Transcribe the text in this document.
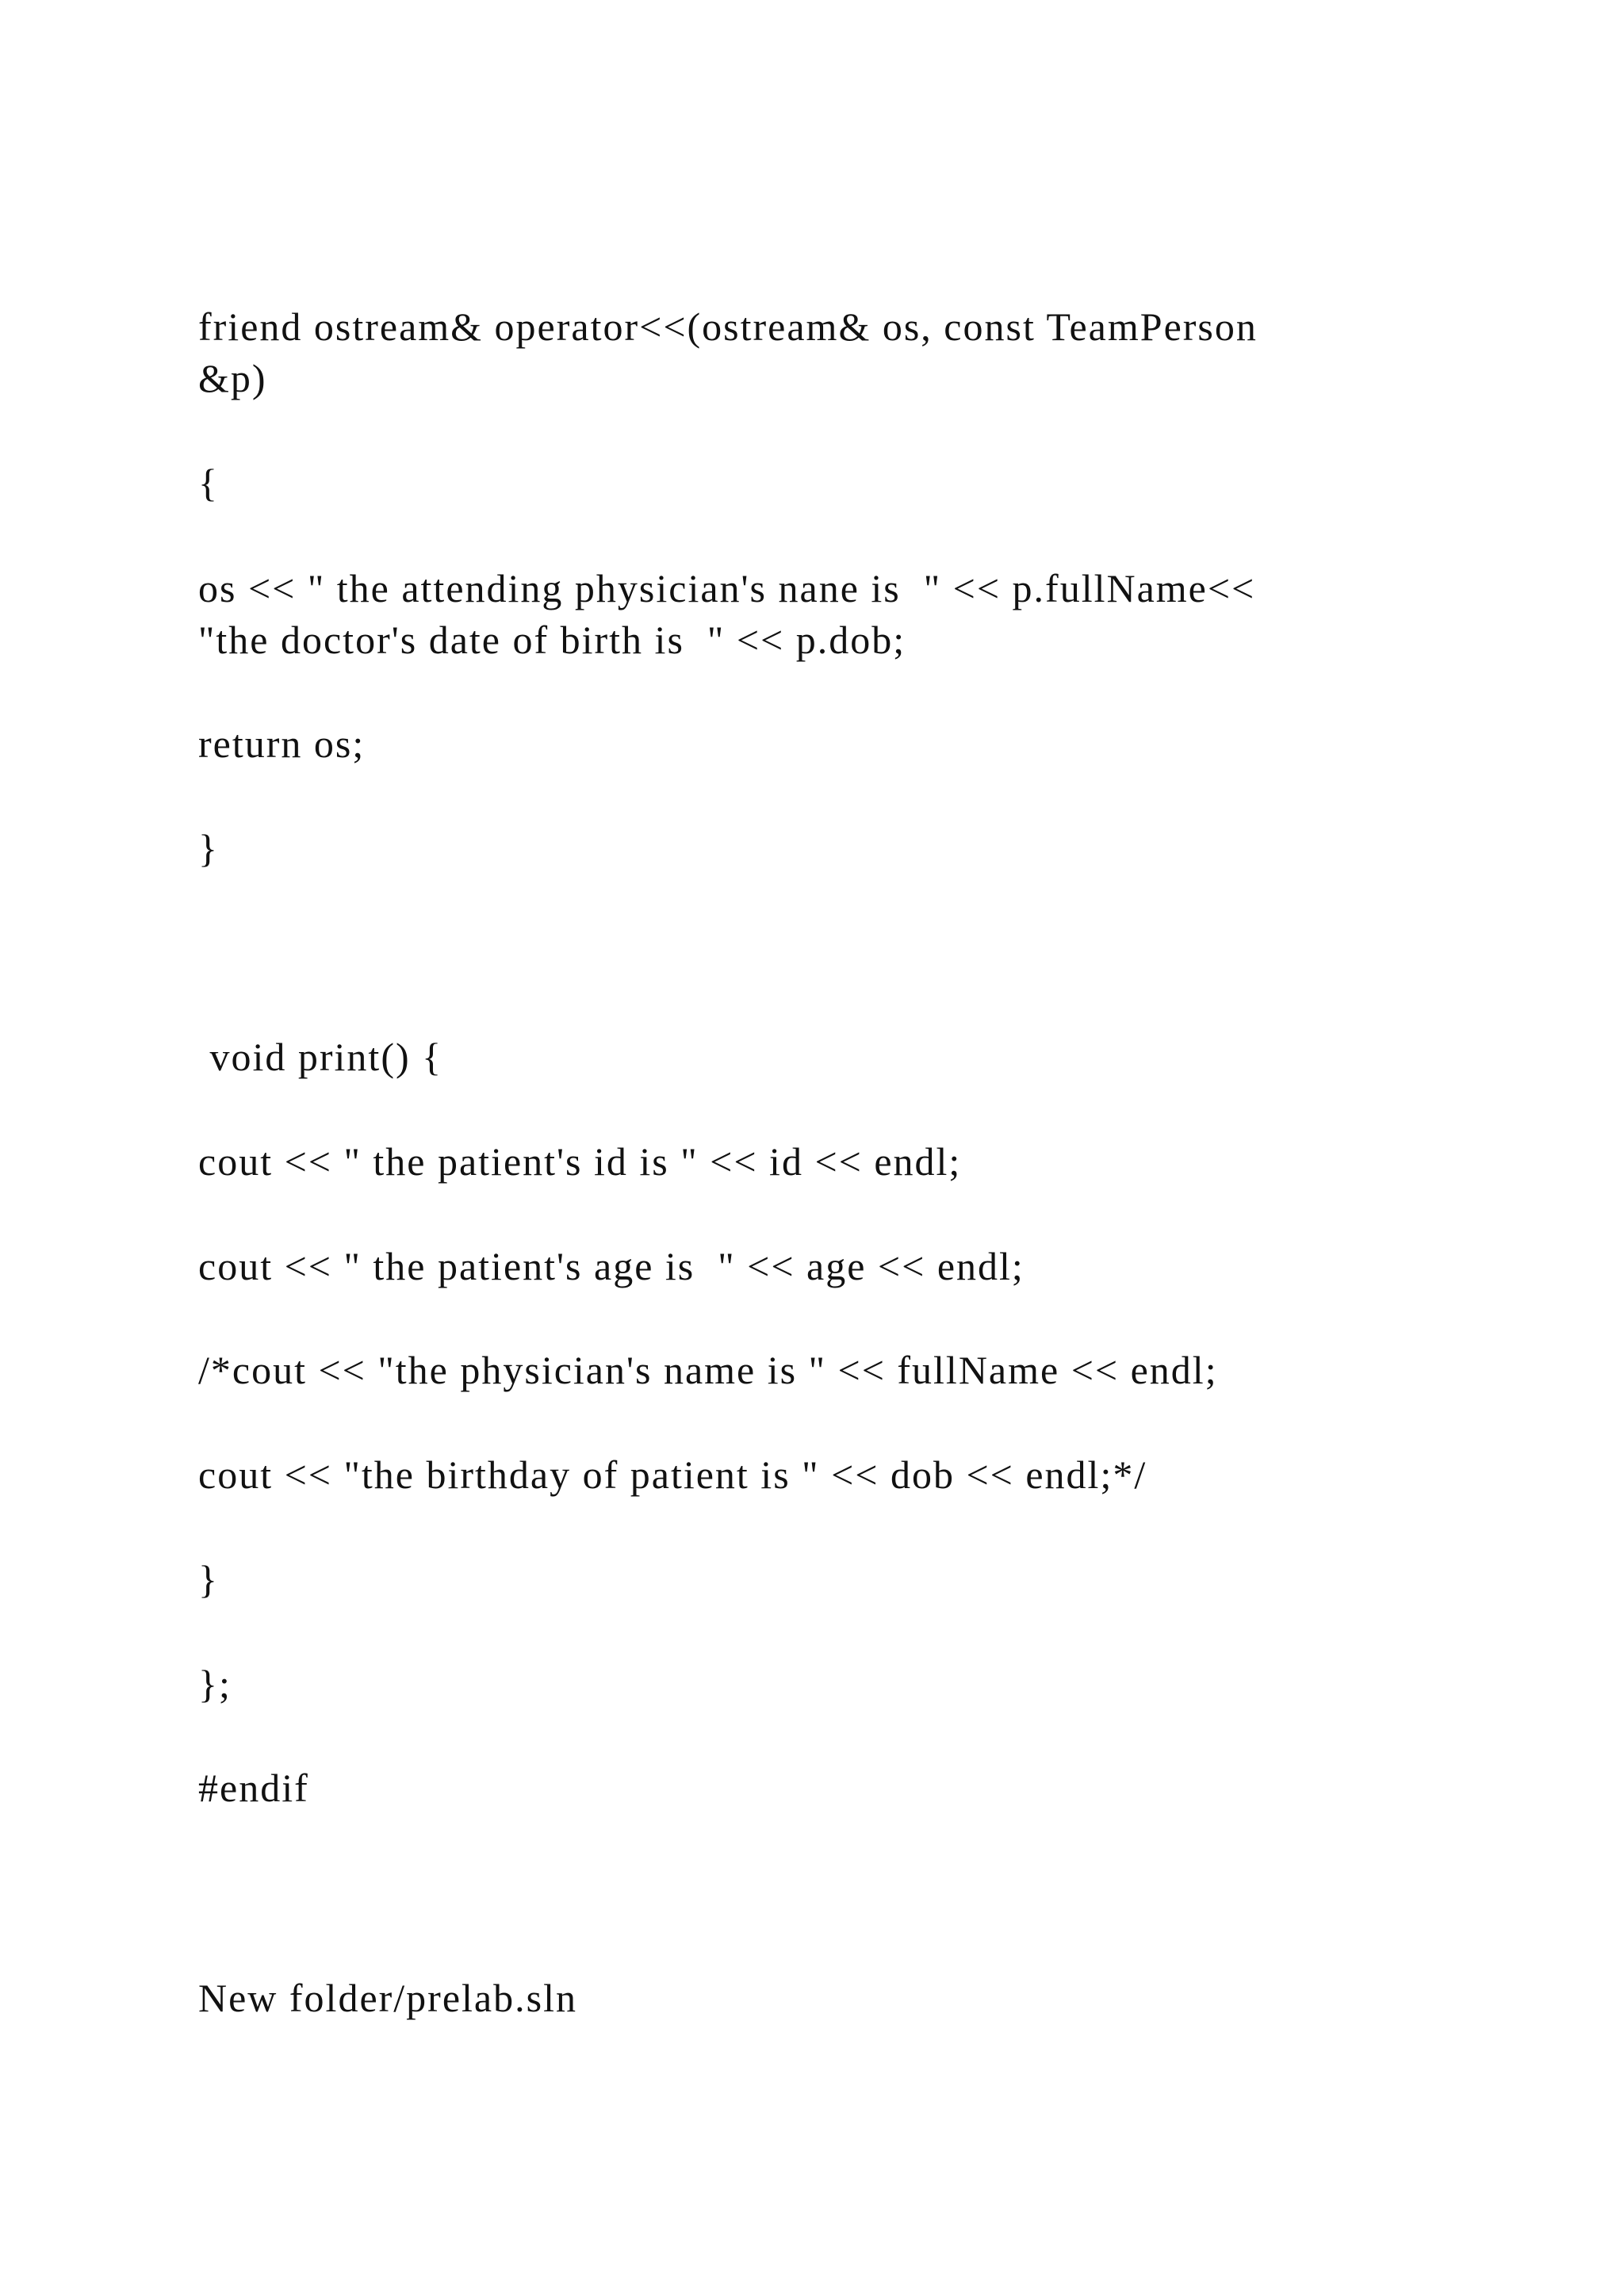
friend ostream& operator<<(ostream& os, const TeamPerson

&p)

{

os << " the attending physician's nane is  " << p.fullName<<

"the doctor's date of birth is  " << p.dob;

return os;

}

void print() {

cout << " the patient's id is " << id << endl;

cout << " the patient's age is  " << age << endl;

/*cout << "the physician's name is " << fullName << endl;

cout << "the birthday of patient is " << dob << endl;*/

}

};

#endif

New folder/prelab.sln
